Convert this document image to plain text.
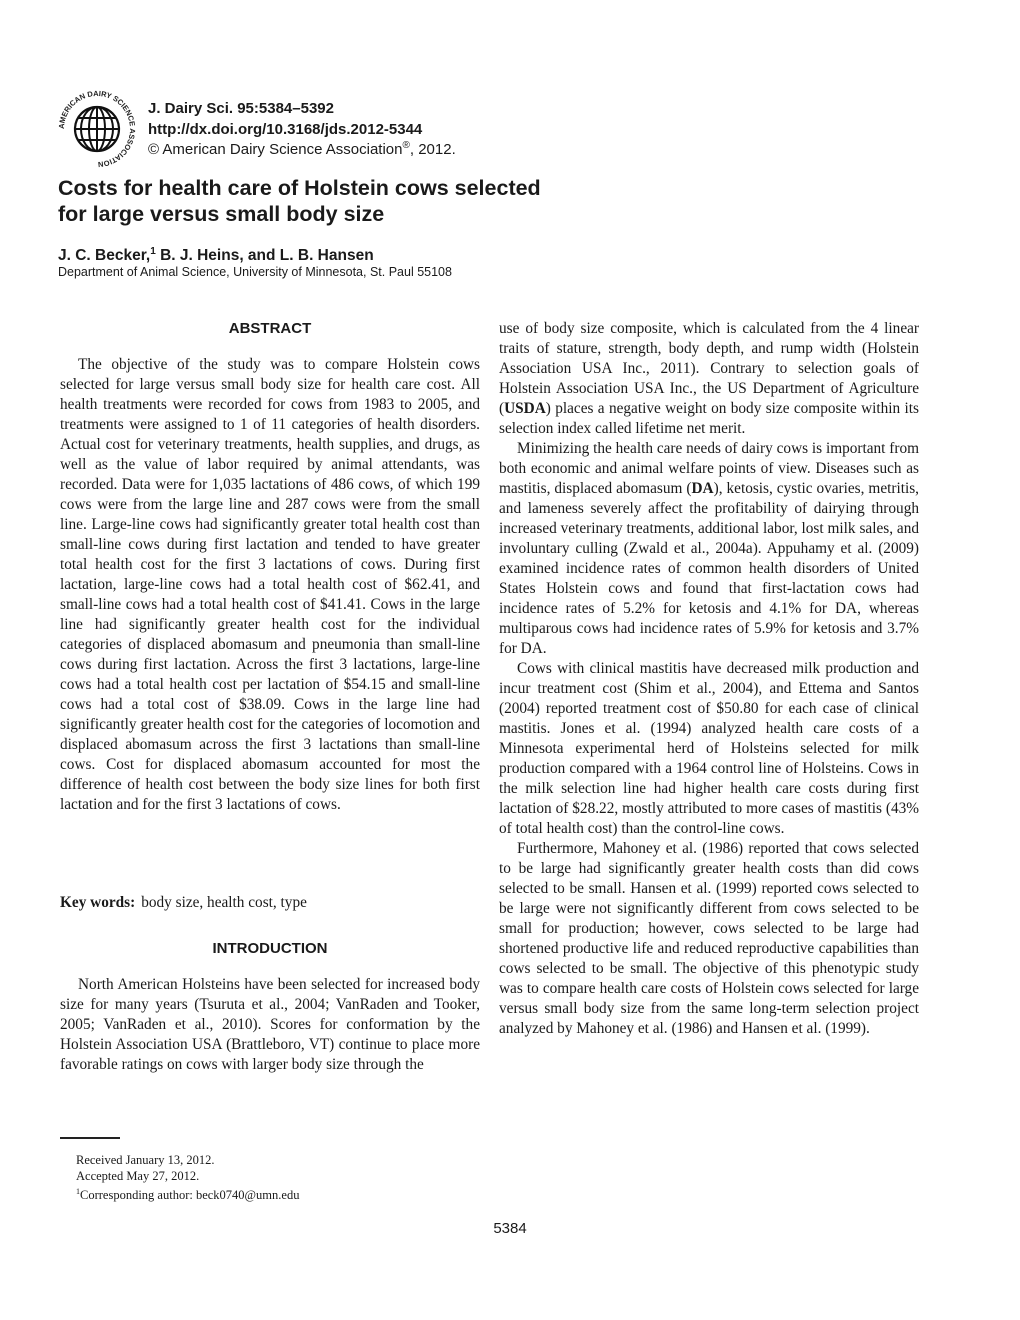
AMERICAN DAIRY SCIENCE ASSOCIATION
J. Dairy Sci. 95:5384–5392
http://dx.doi.org/10.3168/jds.2012-5344
© American Dairy Science Association®, 2012.
Costs for health care of Holstein cows selected
for large versus small body size
J. C. Becker,$^1$ B. J. Heins, and L. B. Hansen
Department of Animal Science, University of Minnesota, St. Paul 55108
ABSTRACT

The objective of the study was to compare Holstein cows selected for large versus small body size for health care cost. All health treatments were recorded for cows from 1983 to 2005, and treatments were assigned to 1 of 11 categories of health disorders. Actual cost for veterinary treatments, health supplies, and drugs, as well as the value of labor required by animal attendants, was recorded. Data were for 1,035 lactations of 486 cows, of which 199 cows were from the large line and 287 cows were from the small line. Large-line cows had significantly greater total health cost than small-line cows during first lactation and tended to have greater total health cost for the first 3 lactations of cows. During first lactation, large-line cows had a total health cost of $62.41, and small-line cows had a total health cost of $41.41. Cows in the large line had significantly greater health cost for the individual categories of displaced abomasum and pneumonia than small-line cows during first lactation. Across the first 3 lactations, large-line cows had a total health cost per lactation of $54.15 and small-line cows had a total cost of $38.09. Cows in the large line had significantly greater health cost for the categories of locomotion and displaced abomasum across the first 3 lactations than small-line cows. Cost for displaced abomasum accounted for most the difference of health cost between the body size lines for both first lactation and for the first 3 lactations of cows.

Key words: body size, health cost, type
INTRODUCTION

North American Holsteins have been selected for increased body size for many years (Tsuruta et al., 2004; VanRaden and Tooker, 2005; VanRaden et al., 2010). Scores for conformation by the Holstein Association USA (Brattleboro, VT) continue to place more favorable ratings on cows with larger body size through the

Received January 13, 2012.
Accepted May 27, 2012.
$^1$Corresponding author: beck0740@umn.edu

use of body size composite, which is calculated from the 4 linear traits of stature, strength, body depth, and rump width (Holstein Association USA Inc., 2011). Contrary to selection goals of Holstein Association USA Inc., the US Department of Agriculture (USDA) places a negative weight on body size composite within its selection index called lifetime net merit.

Minimizing the health care needs of dairy cows is important from both economic and animal welfare points of view. Diseases such as mastitis, displaced abomasum (DA), ketosis, cystic ovaries, metritis, and lameness severely affect the profitability of dairying through increased veterinary treatments, additional labor, lost milk sales, and involuntary culling (Zwald et al., 2004a). Appuhamy et al. (2009) examined incidence rates of common health disorders of United States Holstein cows and found that first-lactation cows had incidence rates of 5.2% for ketosis and 4.1% for DA, whereas multiparous cows had incidence rates of 5.9% for ketosis and 3.7% for DA.

Cows with clinical mastitis have decreased milk production and incur treatment cost (Shim et al., 2004), and Ettema and Santos (2004) reported treatment cost of $50.80 for each case of clinical mastitis. Jones et al. (1994) analyzed health care costs of a Minnesota experimental herd of Holsteins selected for milk production compared with a 1964 control line of Holsteins. Cows in the milk selection line had higher health care costs during first lactation of $28.22, mostly attributed to more cases of mastitis (43% of total health cost) than the control-line cows.

Furthermore, Mahoney et al. (1986) reported that cows selected to be large had significantly greater health costs than did cows selected to be small. Hansen et al. (1999) reported cows selected to be large were not significantly different from cows selected to be small for production; however, cows selected to be large had shortened productive life and reduced reproductive capabilities than cows selected to be small. The objective of this phenotypic study was to compare health care costs of Holstein cows selected for large versus small body size from the same long-term selection project analyzed by Mahoney et al. (1986) and Hansen et al. (1999).

5384
